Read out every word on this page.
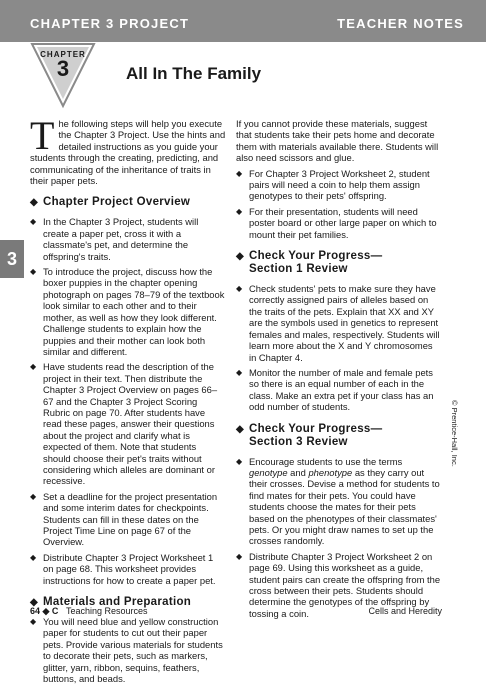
CHAPTER 3 PROJECT	TEACHER NOTES
CHAPTER
3	All In The Family
3
The following steps will help you execute the Chapter 3 Project. Use the hints and detailed instructions as you guide your students through the creating, predicting, and communicating of the inheritance of traits in their paper pets.
◆ Chapter Project Overview
◆ In the Chapter 3 Project, students will create a paper pet, cross it with a classmate's pet, and determine the offspring's traits.
◆ To introduce the project, discuss how the boxer puppies in the chapter opening photograph on pages 78–79 of the textbook look similar to each other and to their mother, as well as how they look different. Challenge students to explain how the puppies and their mother can look both similar and different.
◆ Have students read the description of the project in their text. Then distribute the Chapter 3 Project Overview on pages 66–67 and the Chapter 3 Project Scoring Rubric on page 70. After students have read these pages, answer their questions about the project and clarify what is expected of them. Note that students should choose their pet's traits without considering which alleles are dominant or recessive.
◆ Set a deadline for the project presentation and some interim dates for checkpoints. Students can fill in these dates on the Project Time Line on page 67 of the Overview.
◆ Distribute Chapter 3 Project Worksheet 1 on page 68. This worksheet provides instructions for how to create a paper pet.
◆ Materials and Preparation
◆ You will need blue and yellow construction paper for students to cut out their paper pets. Provide various materials for students to decorate their pets, such as markers, glitter, yarn, ribbon, sequins, feathers, buttons, and beads.
If you cannot provide these materials, suggest that students take their pets home and decorate them with materials available there. Students will also need scissors and glue.
◆ For Chapter 3 Project Worksheet 2, student pairs will need a coin to help them assign genotypes to their pets' offspring.
◆ For their presentation, students will need poster board or other large paper on which to mount their pet families.
◆ Check Your Progress—
Section 1 Review
◆ Check students' pets to make sure they have correctly assigned pairs of alleles based on the traits of the pets. Explain that XX and XY are the symbols used in genetics to represent females and males, respectively. Students will learn more about the X and Y chromosomes in Chapter 4.
◆ Monitor the number of male and female pets so there is an equal number of each in the class. Make an extra pet if your class has an odd number of students.
◆ Check Your Progress—
Section 3 Review
◆ Encourage students to use the terms genotype and phenotype as they carry out their crosses. Devise a method for students to find mates for their pets. You could have students choose the mates for their pets based on the phenotypes of their classmates' pets. Or you might draw names to set up the crosses randomly.
◆ Distribute Chapter 3 Project Worksheet 2 on page 69. Using this worksheet as a guide, student pairs can create the offspring from the cross between their pets. Students should determine the genotypes of the offspring by tossing a coin.
© Prentice-Hall, Inc.
64 ◆ C Teaching Resources	Cells and Heredity
